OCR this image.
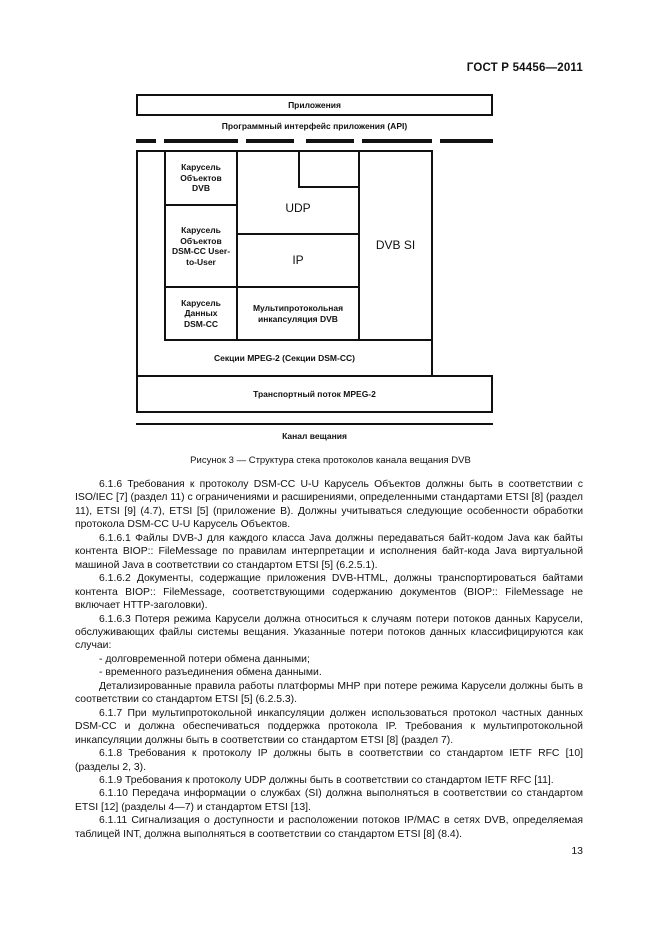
ГОСТ Р 54456—2011
Приложения
Программный интерфейс приложения (API)
Карусель Объектов DVB
Карусель Объектов DSM-CC User-to-User
Карусель Данных DSM-CC
UDP
IP
Мультипротокольная инкапсуляция DVB
DVB SI
Секции MPEG-2 (Секции DSM-CC)
Транспортный поток MPEG-2
Канал вещания
Рисунок 3 — Структура стека протоколов канала вещания DVB

6.1.6 Требования к протоколу DSM-CC U-U Карусель Объектов должны быть в соответствии с ISO/IEC [7] (раздел 11) с ограничениями и расширениями, определенными стандартами ETSI [8] (раздел 11), ETSI [9] (4.7), ETSI [5] (приложение В). Должны учитываться следующие особенности обработки протокола DSM-CC U-U Карусель Объектов.

6.1.6.1 Файлы DVB-J для каждого класса Java должны передаваться байт-кодом Java как байты контента BIOP:: FileMessage по правилам интерпретации и исполнения байт-кода Java виртуальной машиной Java в соответствии со стандартом ETSI [5] (6.2.5.1).

6.1.6.2 Документы, содержащие приложения DVB-HTML, должны транспортироваться байтами контента BIOP:: FileMessage, соответствующими содержанию документов (BIOP:: FileMessage не включает HTTP-заголовки).

6.1.6.3 Потеря режима Карусели должна относиться к случаям потери потоков данных Карусели, обслуживающих файлы системы вещания. Указанные потери потоков данных классифицируются как случаи:

- долговременной потери обмена данными;

- временного разъединения обмена данными.

Детализированные правила работы платформы МНР при потере режима Карусели должны быть в соответствии со стандартом ETSI [5] (6.2.5.3).

6.1.7 При мультипротокольной инкапсуляции должен использоваться протокол частных данных DSM-CC и должна обеспечиваться поддержка протокола IP. Требования к мультипротокольной инкапсуляции должны быть в соответствии со стандартом ETSI [8] (раздел 7).

6.1.8 Требования к протоколу IP должны быть в соответствии со стандартом IETF RFC [10] (разделы 2, 3).

6.1.9 Требования к протоколу UDP должны быть в соответствии со стандартом IETF RFC [11].

6.1.10 Передача информации о службах (SI) должна выполняться в соответствии со стандартом ETSI [12] (разделы 4—7) и стандартом ETSI [13].

6.1.11 Сигнализация о доступности и расположении потоков IP/MAC в сетях DVB, определяемая таблицей INT, должна выполняться в соответствии со стандартом ETSI [8] (8.4).

13
